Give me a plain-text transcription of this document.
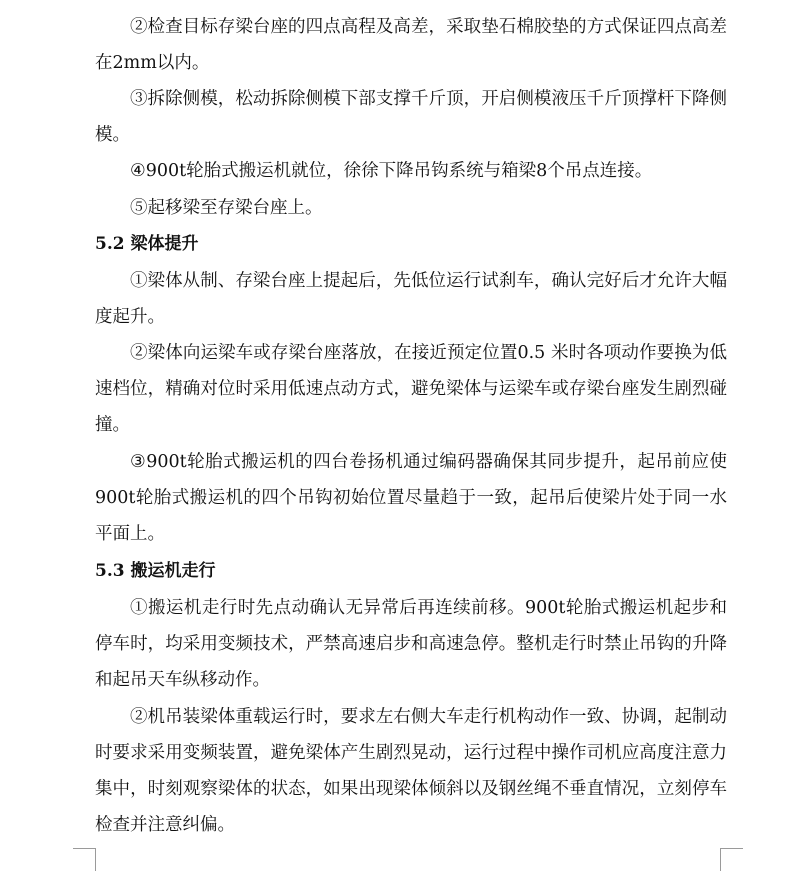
②检查目标存梁台座的四点高程及高差，采取垫石棉胶垫的方式保证四点高差在2mm以内。

③拆除侧模，松动拆除侧模下部支撑千斤顶，开启侧模液压千斤顶撑杆下降侧模。

④900t轮胎式搬运机就位，徐徐下降吊钩系统与箱梁8个吊点连接。

⑤起移梁至存梁台座上。

5.2 梁体提升

①梁体从制、存梁台座上提起后，先低位运行试刹车，确认完好后才允许大幅度起升。

②梁体向运梁车或存梁台座落放，在接近预定位置0.5 米时各项动作要换为低速档位，精确对位时采用低速点动方式，避免梁体与运梁车或存梁台座发生剧烈碰撞。

③900t轮胎式搬运机的四台卷扬机通过编码器确保其同步提升，起吊前应使900t轮胎式搬运机的四个吊钩初始位置尽量趋于一致，起吊后使梁片处于同一水平面上。

5.3 搬运机走行

①搬运机走行时先点动确认无异常后再连续前移。900t轮胎式搬运机起步和停车时，均采用变频技术，严禁高速启步和高速急停。整机走行时禁止吊钩的升降和起吊天车纵移动作。

②机吊装梁体重载运行时，要求左右侧大车走行机构动作一致、协调，起制动时要求采用变频装置，避免梁体产生剧烈晃动，运行过程中操作司机应高度注意力集中，时刻观察梁体的状态，如果出现梁体倾斜以及钢丝绳不垂直情况，立刻停车检查并注意纠偏。
